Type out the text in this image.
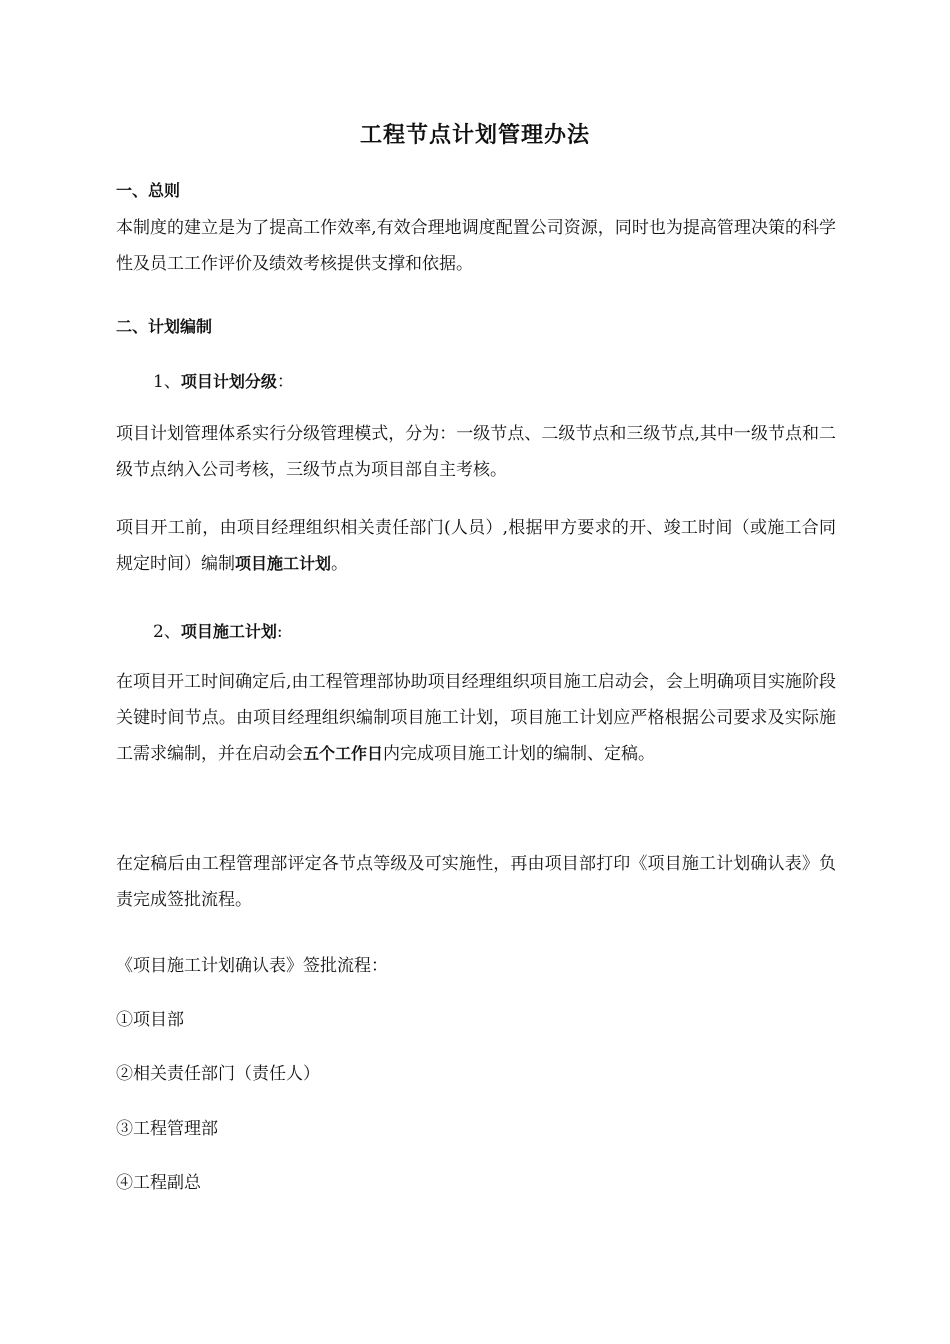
工程节点计划管理办法
一、总则
本制度的建立是为了提高工作效率,有效合理地调度配置公司资源，同时也为提高管理决策的科学性及员工工作评价及绩效考核提供支撑和依据。
二、计划编制
1、项目计划分级：
项目计划管理体系实行分级管理模式，分为：一级节点、二级节点和三级节点,其中一级节点和二级节点纳入公司考核，三级节点为项目部自主考核。
项目开工前，由项目经理组织相关责任部门(人员）,根据甲方要求的开、竣工时间（或施工合同规定时间）编制项目施工计划。
2、项目施工计划:
在项目开工时间确定后,由工程管理部协助项目经理组织项目施工启动会，会上明确项目实施阶段关键时间节点。由项目经理组织编制项目施工计划，项目施工计划应严格根据公司要求及实际施工需求编制，并在启动会五个工作日内完成项目施工计划的编制、定稿。
在定稿后由工程管理部评定各节点等级及可实施性，再由项目部打印《项目施工计划确认表》负责完成签批流程。
《项目施工计划确认表》签批流程：
①项目部
②相关责任部门（责任人）
③工程管理部
④工程副总
